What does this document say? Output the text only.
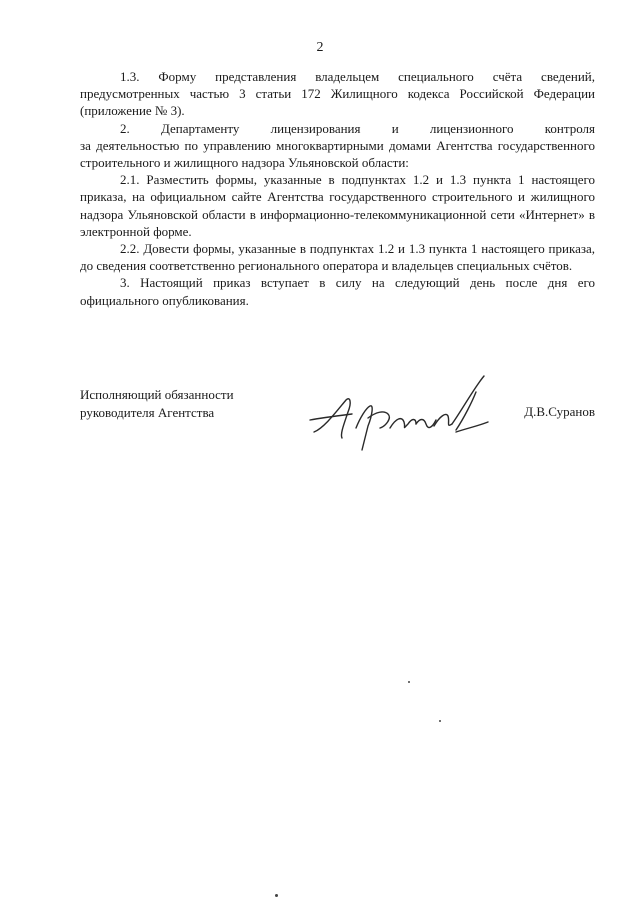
2

1.3. Форму представления владельцем специального счёта сведений, предусмотренных частью 3 статьи 172 Жилищного кодекса Российской Федерации (приложение № 3).

2. Департаменту лицензирования и лицензионного контроля

за деятельностью по управлению многоквартирными домами Агентства государственного строительного и жилищного надзора Ульяновской области:

2.1. Разместить формы, указанные в подпунктах 1.2 и 1.3 пункта 1 настоящего приказа, на официальном сайте Агентства государственного строительного и жилищного надзора Ульяновской области в информационно-телекоммуникационной сети «Интернет» в электронной форме.

2.2. Довести формы, указанные в подпунктах 1.2 и 1.3 пункта 1 настоящего приказа, до сведения соответственно регионального оператора и владельцев специальных счётов.

3. Настоящий приказ вступает в силу на следующий день после дня его официального опубликования.

Исполняющий обязанности
руководителя Агентства	Д.В.Суранов
